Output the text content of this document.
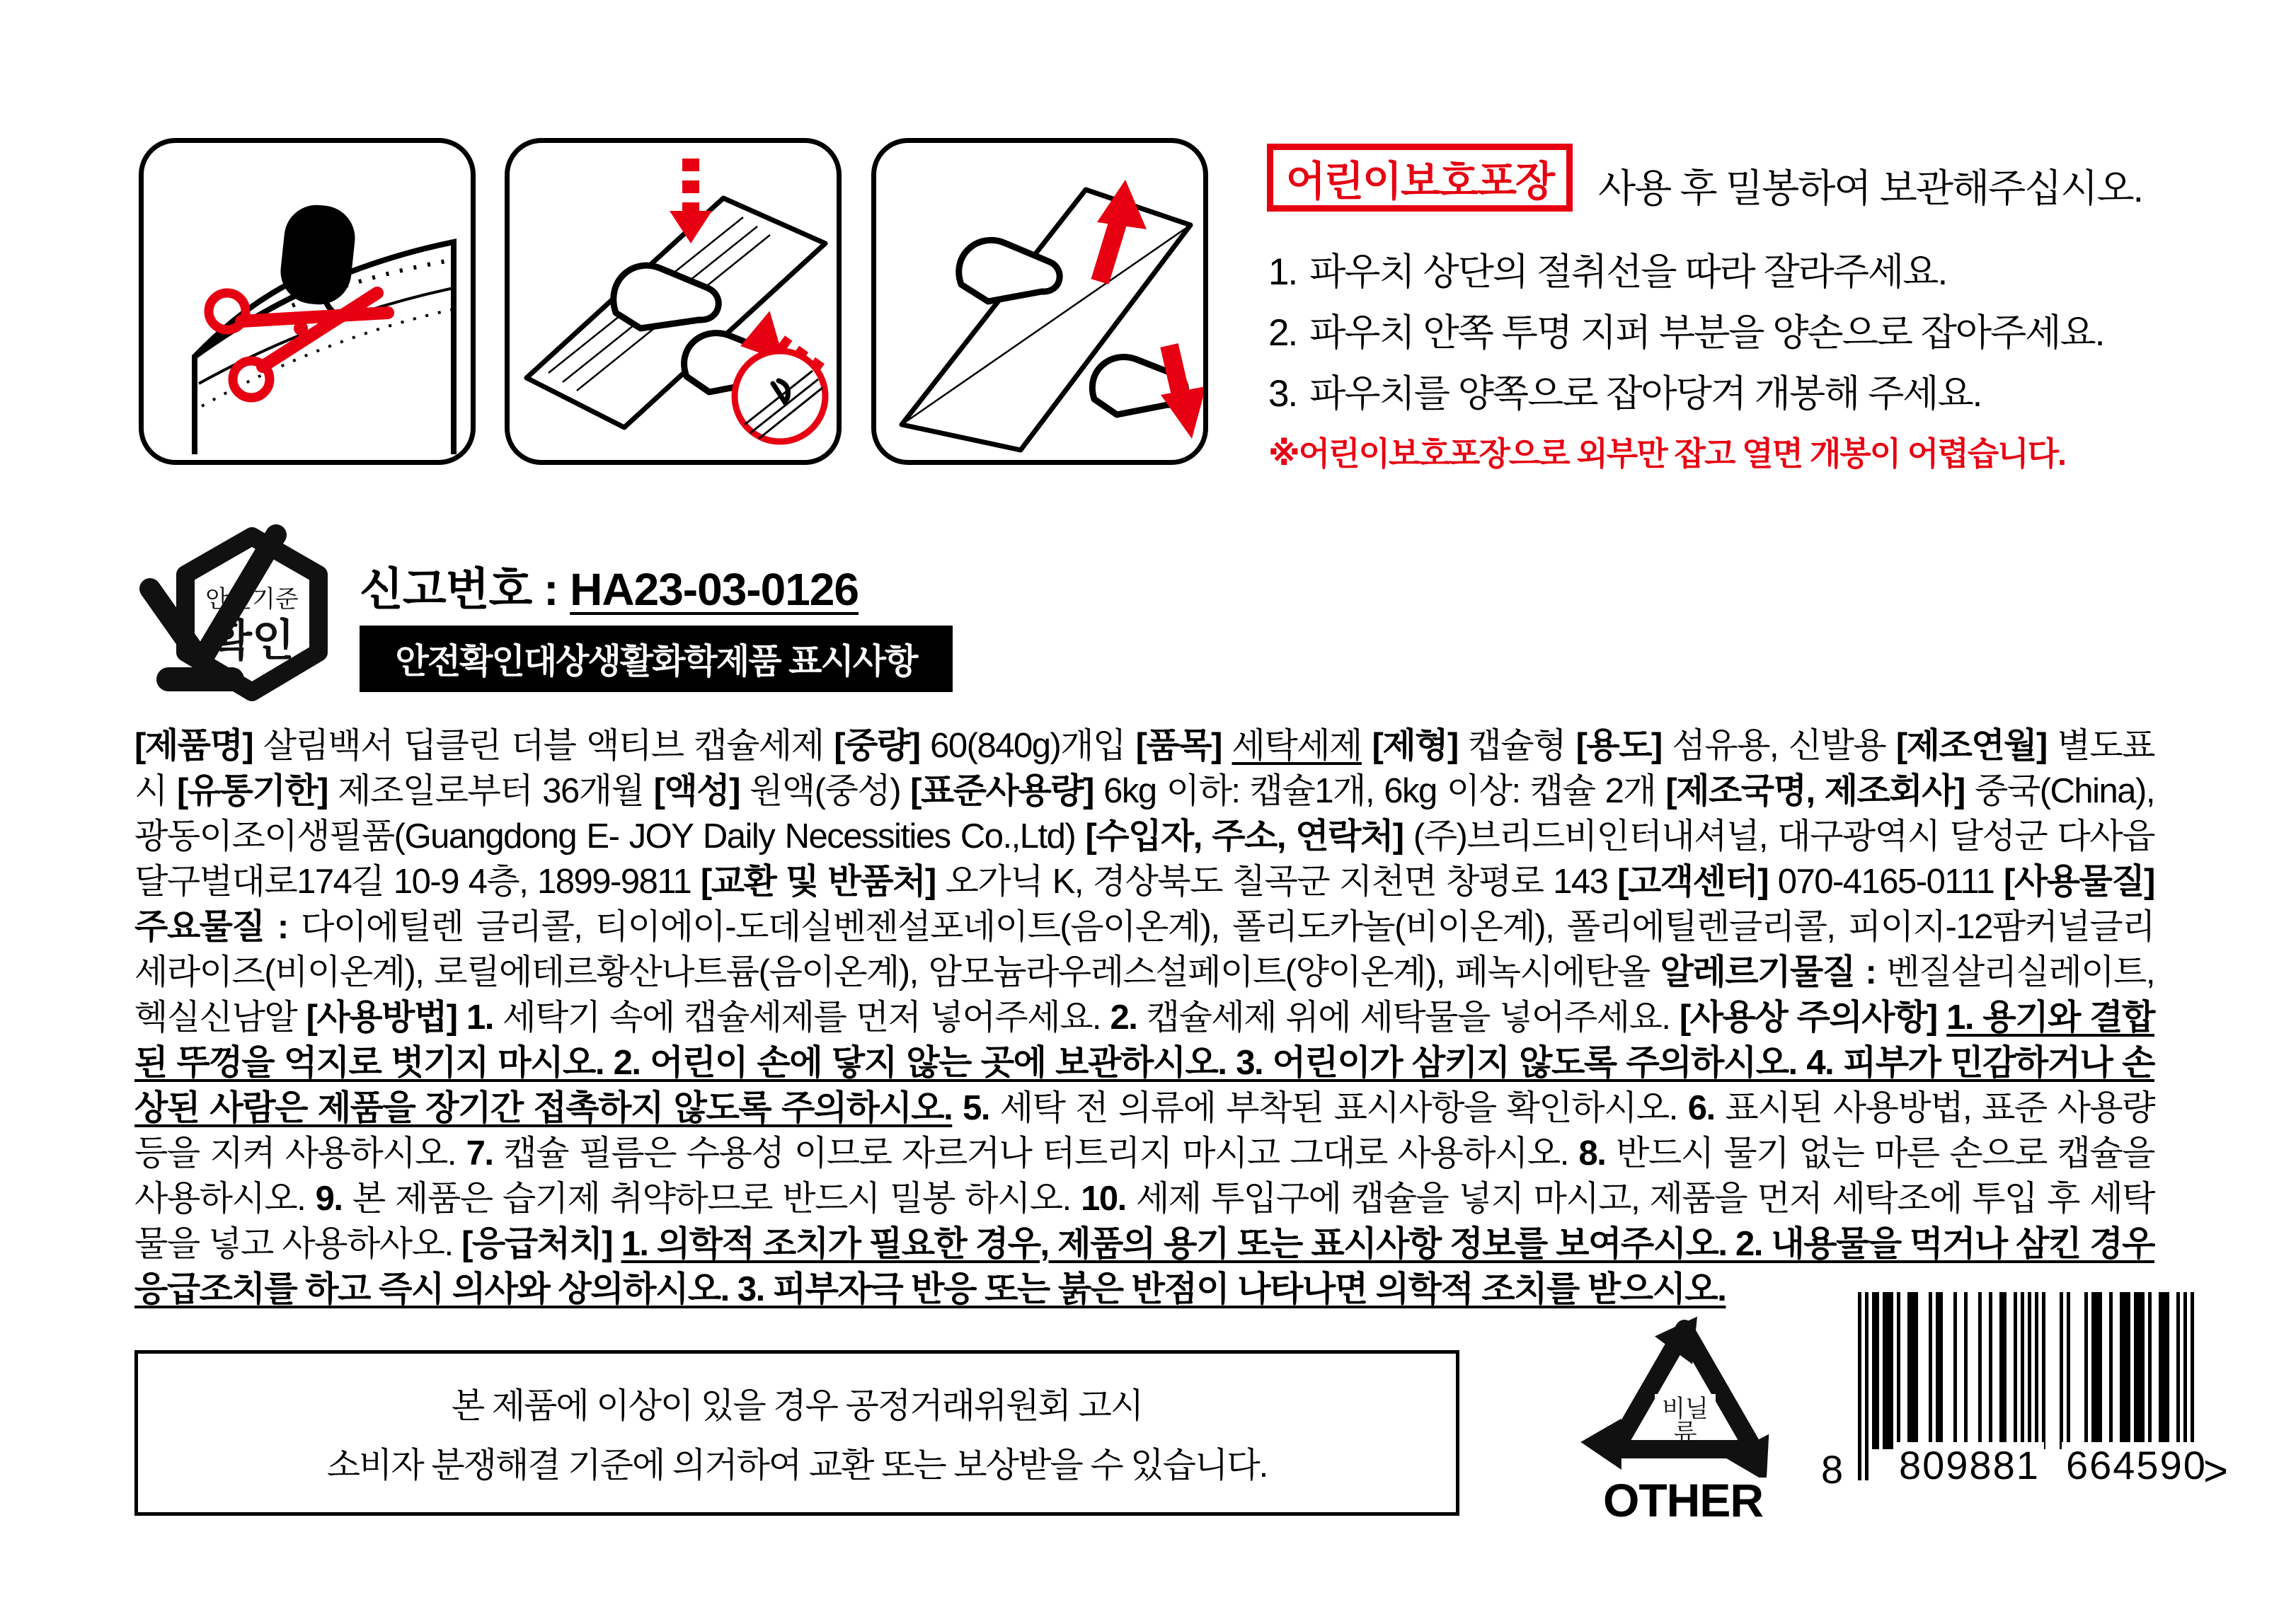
어린이보호포장 사용 후 밀봉하여 보관해주십시오.
1. 파우치 상단의 절취선을 따라 잘라주세요.
2. 파우치 안쪽 투명 지퍼 부분을 양손으로 잡아주세요.
3. 파우치를 양쪽으로 잡아당겨 개봉해 주세요.
※어린이보호포장으로 외부만 잡고 열면 개봉이 어렵습니다.
안전기준
확인
신고번호 : HA23-03-0126
안전확인대상생활화학제품 표시사항
[제품명] 살림백서 딥클린 더블 액티브 캡슐세제 [중량] 60(840g)개입 [품목] 세탁세제 [제형] 캡슐형 [용도] 섬유용, 신발용 [제조연월] 별도표시 [유통기한] 제조일로부터 36개월 [액성] 원액(중성) [표준사용량] 6kg 이하: 캡슐1개, 6kg 이상: 캡슐 2개 [제조국명, 제조회사] 중국(China), 광동이조이생필품(Guangdong E- JOY Daily Necessities Co.,Ltd) [수입자, 주소, 연락처] (주)브리드비인터내셔널, 대구광역시 달성군 다사읍 달구벌대로174길 10-9 4층, 1899-9811 [교환 및 반품처] 오가닉 K, 경상북도 칠곡군 지천면 창평로 143 [고객센터] 070-4165-0111 [사용물질] 주요물질 : 다이에틸렌 글리콜, 티이에이-도데실벤젠설포네이트(음이온계), 폴리도카놀(비이온계), 폴리에틸렌글리콜, 피이지-12팜커널글리세라이즈(비이온계), 로릴에테르황산나트륨(음이온계), 암모늄라우레스설페이트(양이온계), 페녹시에탄올 알레르기물질 : 벤질살리실레이트, 헥실신남알 [사용방법] 1. 세탁기 속에 캡슐세제를 먼저 넣어주세요. 2. 캡슐세제 위에 세탁물을 넣어주세요. [사용상 주의사항] 1. 용기와 결합된 뚜껑을 억지로 벗기지 마시오. 2. 어린이 손에 닿지 않는 곳에 보관하시오. 3. 어린이가 삼키지 않도록 주의하시오. 4. 피부가 민감하거나 손상된 사람은 제품을 장기간 접촉하지 않도록 주의하시오. 5. 세탁 전 의류에 부착된 표시사항을 확인하시오. 6. 표시된 사용방법, 표준 사용량 등을 지켜 사용하시오. 7. 캡슐 필름은 수용성 이므로 자르거나 터트리지 마시고 그대로 사용하시오. 8. 반드시 물기 없는 마른 손으로 캡슐을 사용하시오. 9. 본 제품은 습기제 취약하므로 반드시 밀봉 하시오. 10. 세제 투입구에 캡슐을 넣지 마시고, 제품을 먼저 세탁조에 투입 후 세탁물을 넣고 사용하사오. [응급처치] 1. 의학적 조치가 필요한 경우, 제품의 용기 또는 표시사항 정보를 보여주시오. 2. 내용물을 먹거나 삼킨 경우 응급조치를 하고 즉시 의사와 상의하시오. 3. 피부자극 반응 또는 붉은 반점이 나타나면 의학적 조치를 받으시오.
본 제품에 이상이 있을 경우 공정거래위원회 고시
소비자 분쟁해결 기준에 의거하여 교환 또는 보상받을 수 있습니다.
비닐
류
OTHER
8 809881 664590
>
